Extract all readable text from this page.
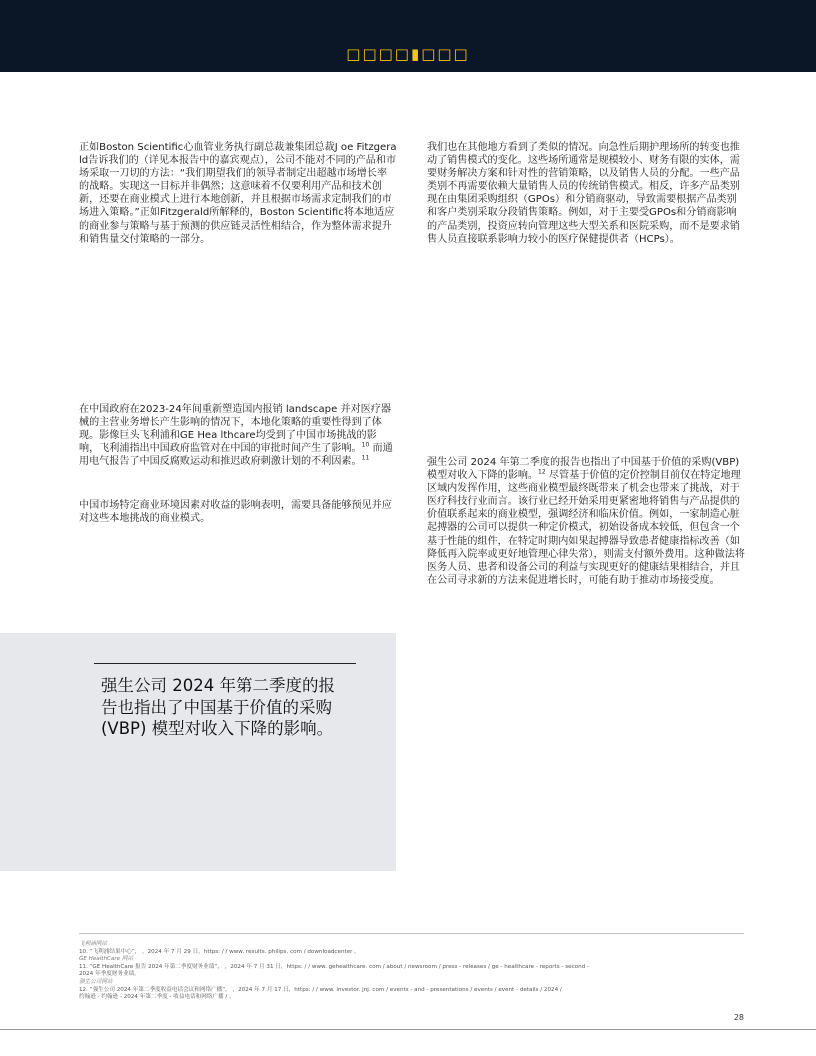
□□□□▮□□□

正如Boston Scientific心血管业务执行副总裁兼集团总裁J oe Fitzgerald告诉我们的（详见本报告中的嘉宾观点），公司不能对不同的产品和市场采取一刀切的方法：“我们期望我们的领导者制定出超越市场增长率的战略。实现这一目标并非偶然；这意味着不仅要利用产品和技术创新，还要在商业模式上进行本地创新，并且根据市场需求定制我们的市场进入策略。”正如Fitzgerald所解释的，Boston Scientific将本地适应的商业参与策略与基于预测的供应链灵活性相结合，作为整体需求提升和销售量交付策略的一部分。

我们也在其他地方看到了类似的情况。向急性后期护理场所的转变也推动了销售模式的变化。这些场所通常是规模较小、财务有限的实体，需要财务解决方案和针对性的营销策略，以及销售人员的分配。一些产品类别不再需要依赖大量销售人员的传统销售模式。相反，许多产品类别现在由集团采购组织（GPOs）和分销商驱动，导致需要根据产品类别和客户类别采取分段销售策略。例如，对于主要受GPOs和分销商影响的产品类别，投资应转向管理这些大型关系和医院采购，而不是要求销售人员直接联系影响力较小的医疗保健提供者（HCPs）。

在中国政府在2023-24年间重新塑造国内报销 landscape 并对医疗器械的主营业务增长产生影响的情况下，本地化策略的重要性得到了体现。影像巨头飞利浦和GE Hea lthcare均受到了中国市场挑战的影响，飞利浦指出中国政府监管对在中国的审批时间产生了影响。$^{10}$ 而通用电气报告了中国反腐败运动和推迟政府刺激计划的不利因素。$^{11}$

中国市场特定商业环境因素对收益的影响表明，需要具备能够预见并应对这些本地挑战的商业模式。

强生公司 2024 年第二季度的报告也指出了中国基于价值的采购(VBP) 模型对收入下降的影响。$^{12}$ 尽管基于价值的定价控制目前仅在特定地理区域内发挥作用，这些商业模型最终既带来了机会也带来了挑战，对于医疗科技行业而言。该行业已经开始采用更紧密地将销售与产品提供的价值联系起来的商业模型，强调经济和临床价值。例如，一家制造心脏起搏器的公司可以提供一种定价模式，初始设备成本较低，但包含一个基于性能的组件，在特定时期内如果起搏器导致患者健康指标改善（如降低再入院率或更好地管理心律失常），则需支付额外费用。这种做法将医务人员、患者和设备公司的利益与实现更好的健康结果相结合，并且在公司寻求新的方法来促进增长时，可能有助于推动市场接受度。

强生公司 2024 年第二季度的报告也指出了中国基于价值的采购(VBP) 模型对收入下降的影响。
飞利浦网站
10. “飞利浦结果中心”， ，2024 年 7 月 29 日，https: / / www. results. philips. com / downloadcenter 。
GE HealthCare 网站
11. “GE HealthCare 报告 2024 年第二季度财务业绩”， ，2024 年 7 月 31 日，https: / / www. gehealthcare. com / about / newsroom / press - releases / ge - healthcare - reports - second -
2024 年季度财务业绩。
强生公司网站
12. “强生公司 2024 年第二季度收益电话会议和网络广播”， ，2024 年 7 月 17 日，https: / / www. investor. jnj. com / events - and - presentations / events / event - details / 2024 /
约翰逊 - 约翰逊 - 2024 年第二季度 - 收益电话和网络广播 / 。
28
